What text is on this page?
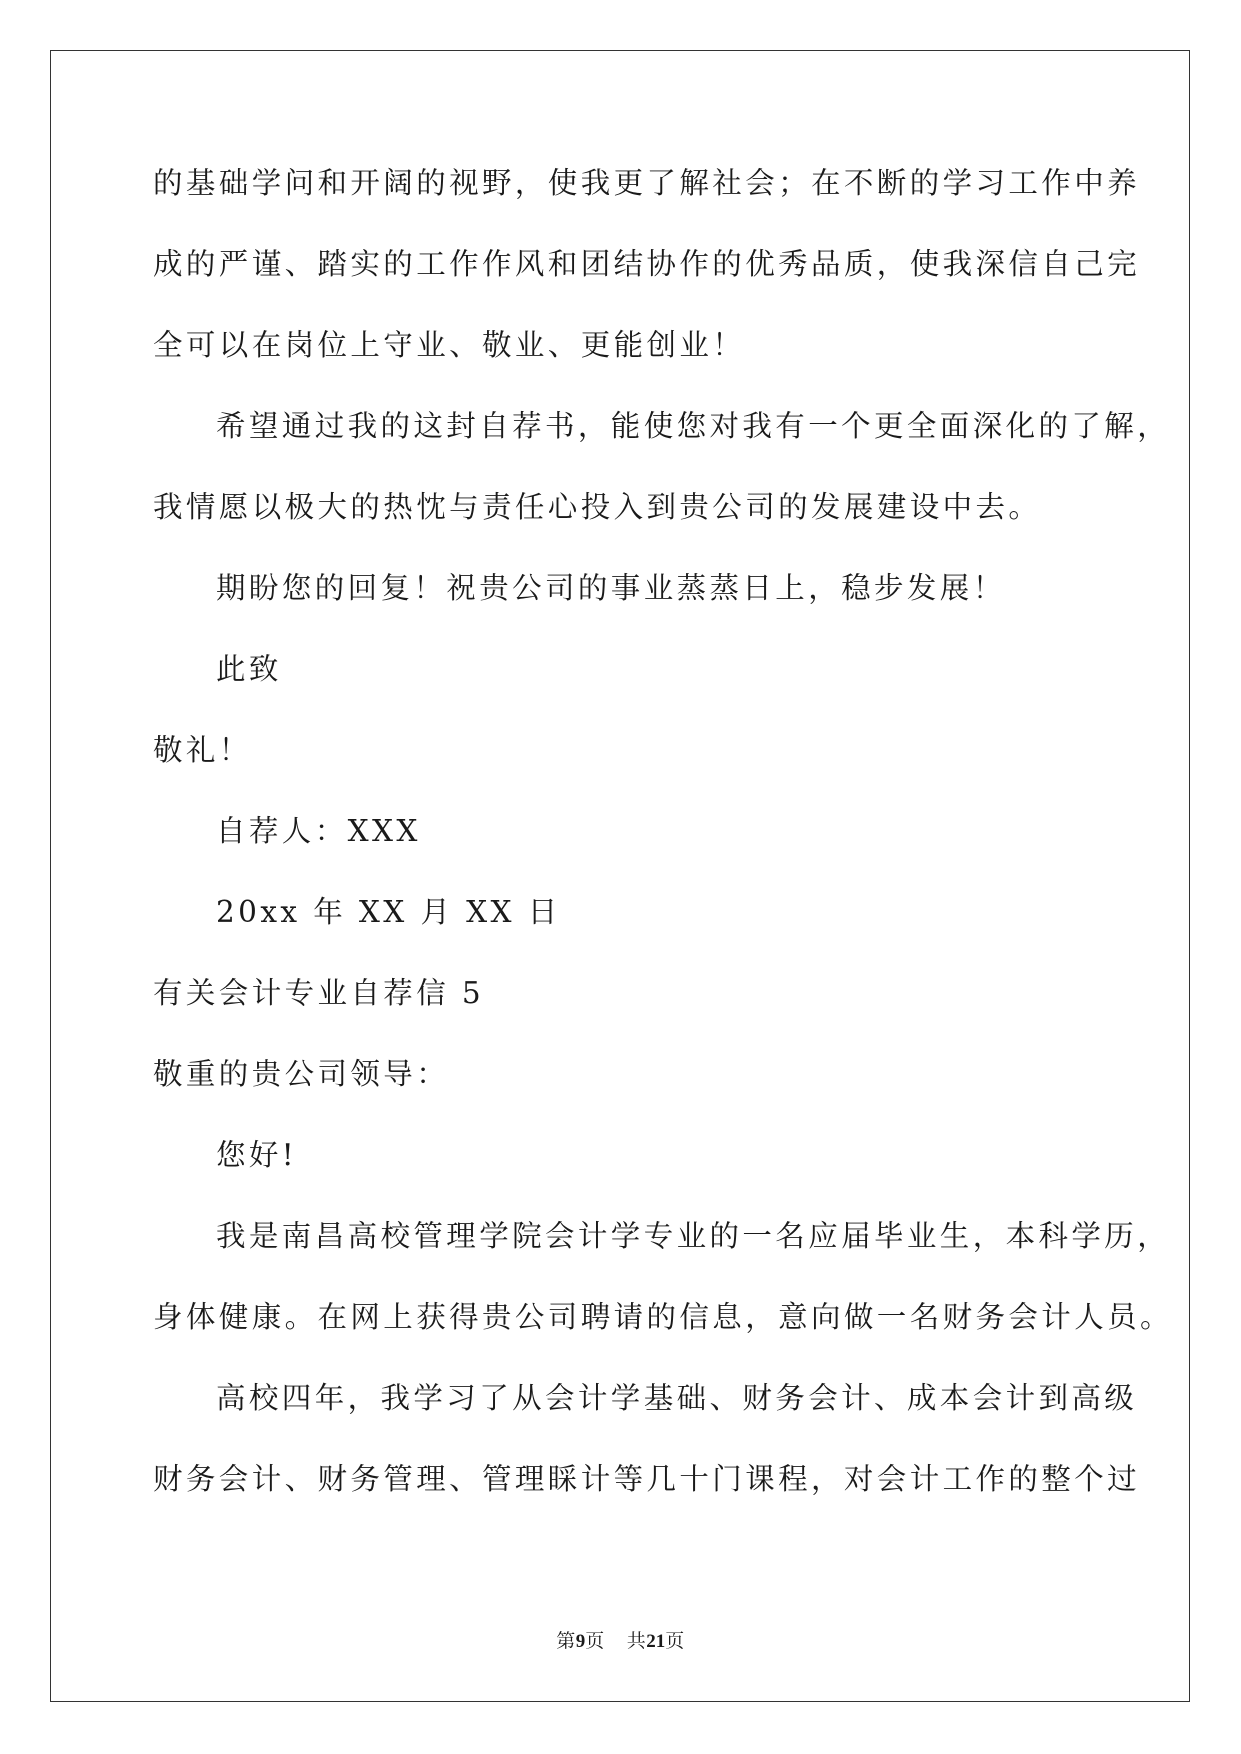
的基础学问和开阔的视野，使我更了解社会；在不断的学习工作中养
成的严谨、踏实的工作作风和团结协作的优秀品质，使我深信自己完
全可以在岗位上守业、敬业、更能创业！
希望通过我的这封自荐书，能使您对我有一个更全面深化的了解，
我情愿以极大的热忱与责任心投入到贵公司的发展建设中去。
期盼您的回复！祝贵公司的事业蒸蒸日上，稳步发展！
此致
敬礼！
自荐人：XXX
20xx 年 XX 月 XX 日
有关会计专业自荐信 5
敬重的贵公司领导：
您好!
我是南昌高校管理学院会计学专业的一名应届毕业生，本科学历，
身体健康。在网上获得贵公司聘请的信息，意向做一名财务会计人员。
高校四年，我学习了从会计学基础、财务会计、成本会计到高级
财务会计、财务管理、管理睬计等几十门课程，对会计工作的整个过
第9页 共21页
